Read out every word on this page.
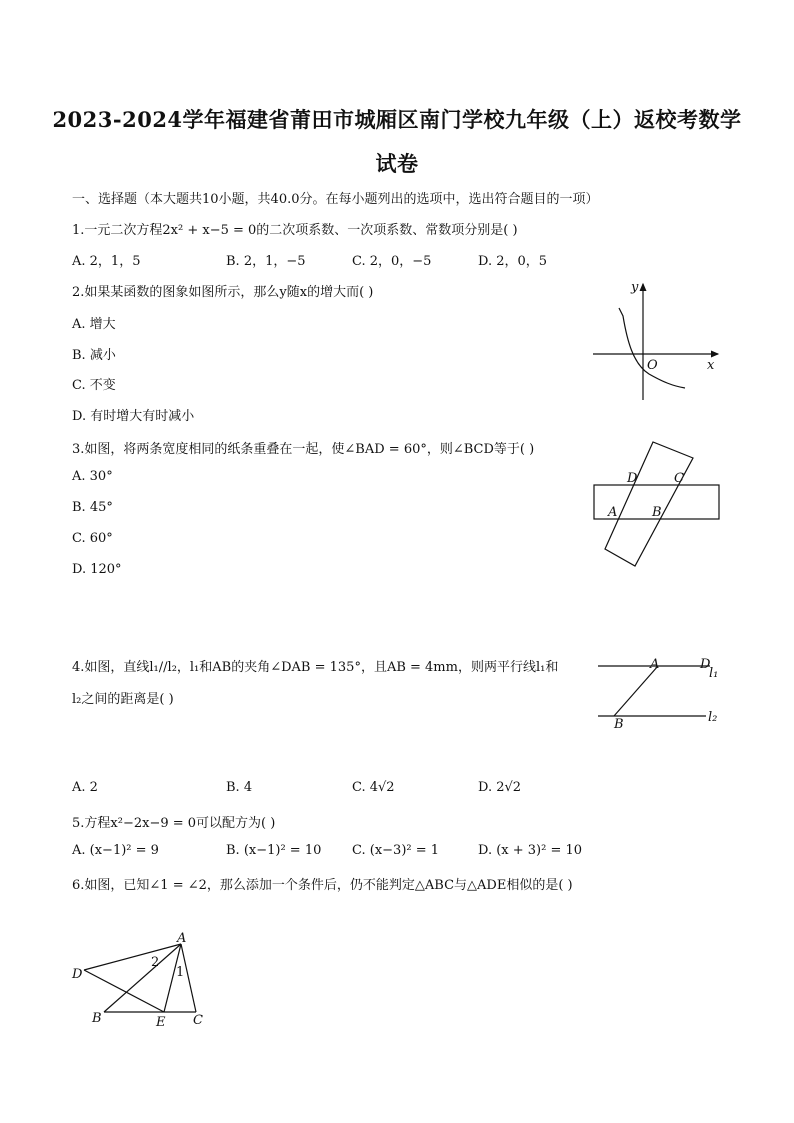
2023-2024学年福建省莆田市城厢区南门学校九年级（上）返校考数学
试卷
一、选择题（本大题共10小题，共40.0分。在每小题列出的选项中，选出符合题目的一项）
1.一元二次方程2x² + x−5 = 0的二次项系数、一次项系数、常数项分别是( )
A. 2，1，5	B. 2，1，−5	C. 2，0，−5	D. 2，0，5
2.如果某函数的图象如图所示，那么y随x的增大而( )
A. 增大
B. 减小
C. 不变
D. 有时增大有时减小
y
x
O
3.如图，将两条宽度相同的纸条重叠在一起，使∠BAD = 60°，则∠BCD等于( )
A. 30°
B. 45°
C. 60°
D. 120°
D	C
A	B
4.如图，直线l₁//l₂，l₁和AB的夹角∠DAB = 135°，且AB = 4mm，则两平行线l₁和
l₂之间的距离是( )
A	D
l₁
B	l₂
A. 2	B. 4	C. 4√2	D. 2√2
5.方程x²−2x−9 = 0可以配方为( )
A. (x−1)² = 9	B. (x−1)² = 10 C. (x−3)² = 1	D. (x + 3)² = 10
6.如图，已知∠1 = ∠2，那么添加一个条件后，仍不能判定△ABC与△ADE相似的是( )
A
D
B	E C
2
1
